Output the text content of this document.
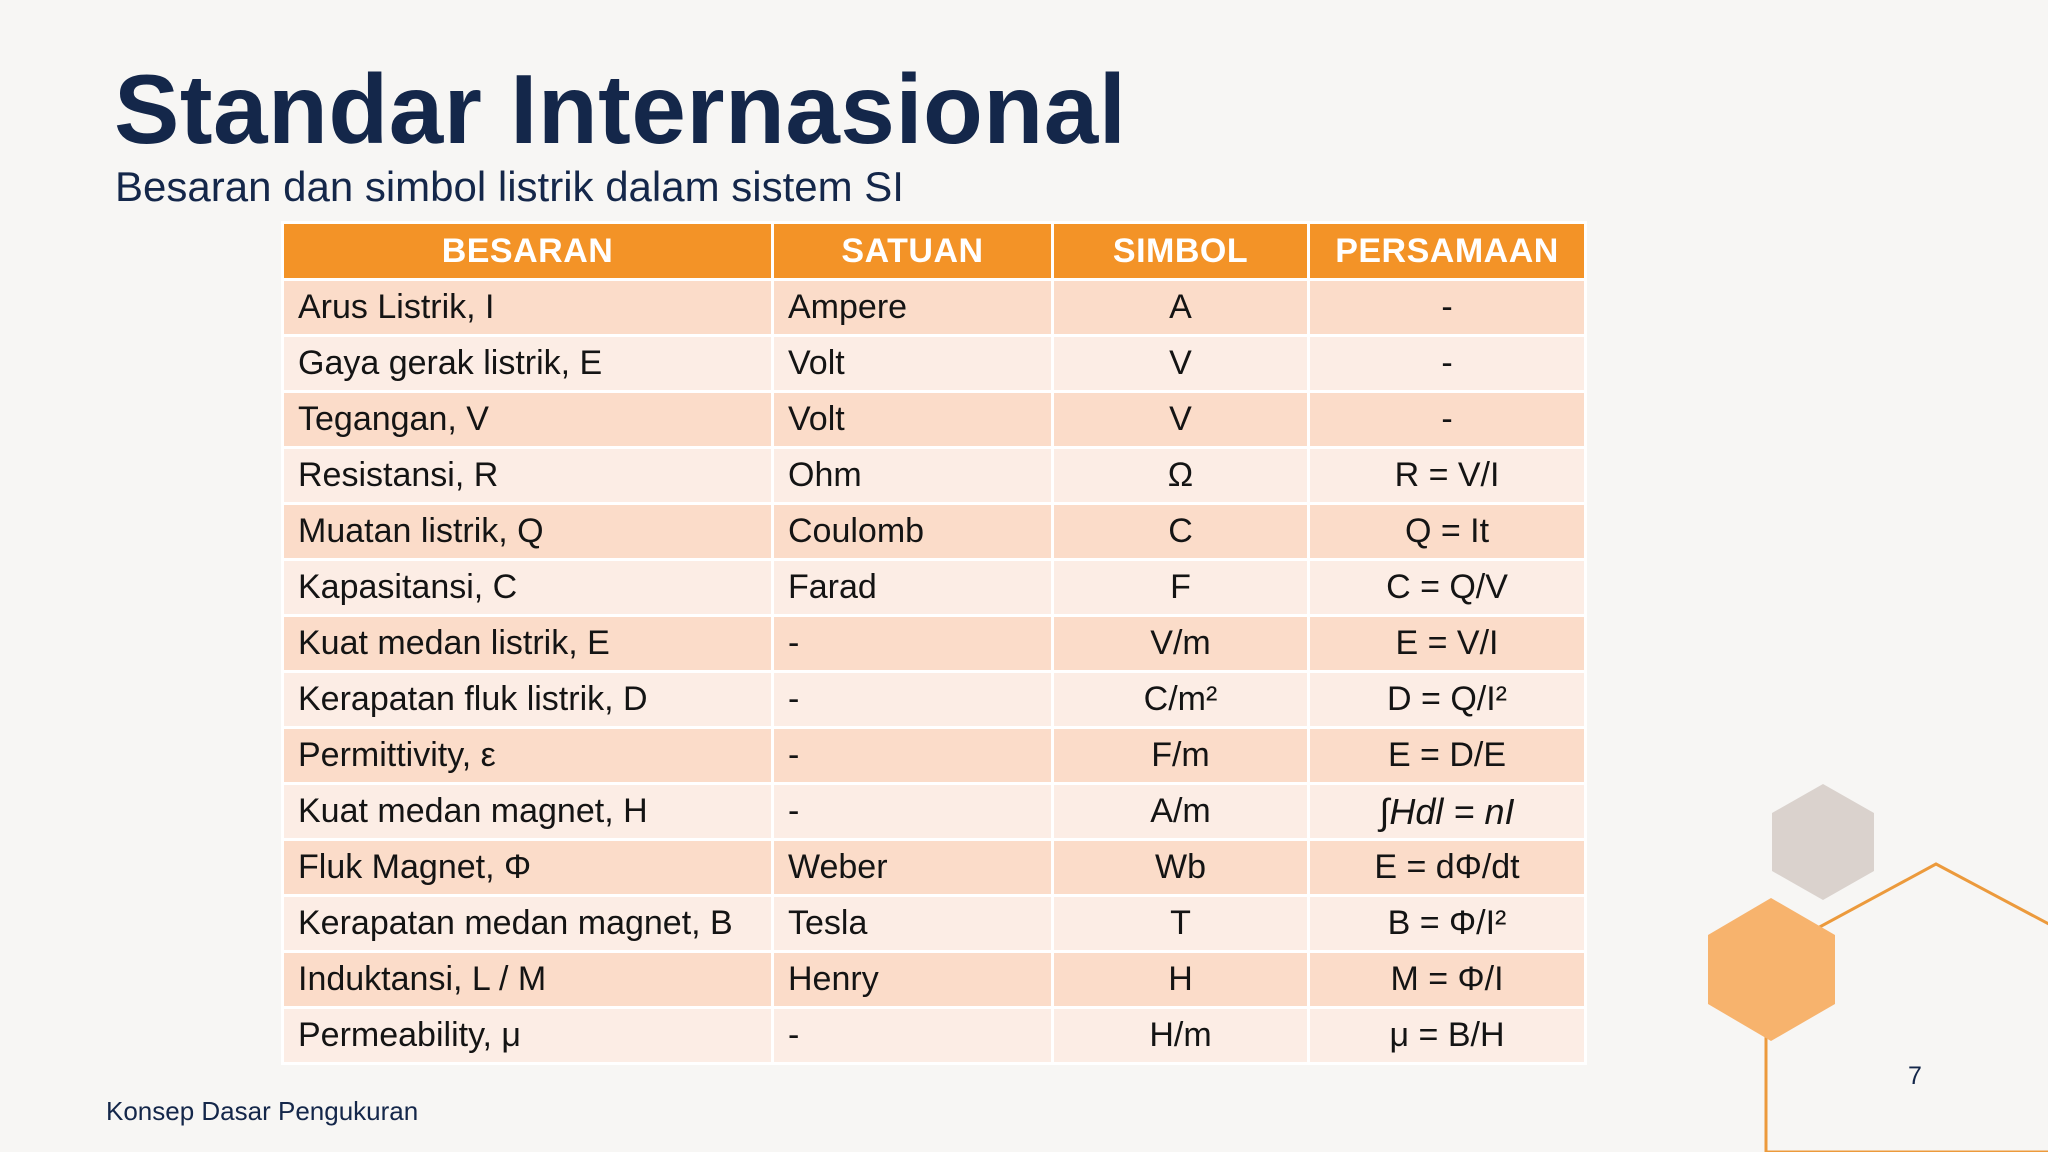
Standar Internasional
Besaran dan simbol listrik dalam sistem SI
BESARAN	SATUAN	SIMBOL	PERSAMAAN
Arus Listrik, I	Ampere	A	-
Gaya gerak listrik, E	Volt	V	-
Tegangan, V	Volt	V	-
Resistansi, R	Ohm	Ω	R = V/I
Muatan listrik, Q	Coulomb	C	Q = It
Kapasitansi, C	Farad	F	C = Q/V
Kuat medan listrik, E	-	V/m	E = V/I
Kerapatan fluk listrik, D	-	C/m²	D = Q/I²
Permittivity, ε	-	F/m	E = D/E
Kuat medan magnet, H	-	A/m	∫Hdl = nI
Fluk Magnet, Φ	Weber	Wb	E = dΦ/dt
Kerapatan medan magnet, B	Tesla	T	B = Φ/I²
Induktansi, L / M	Henry	H	M = Φ/I
Permeability, μ	-	H/m	μ = B/H
7
Konsep Dasar Pengukuran
